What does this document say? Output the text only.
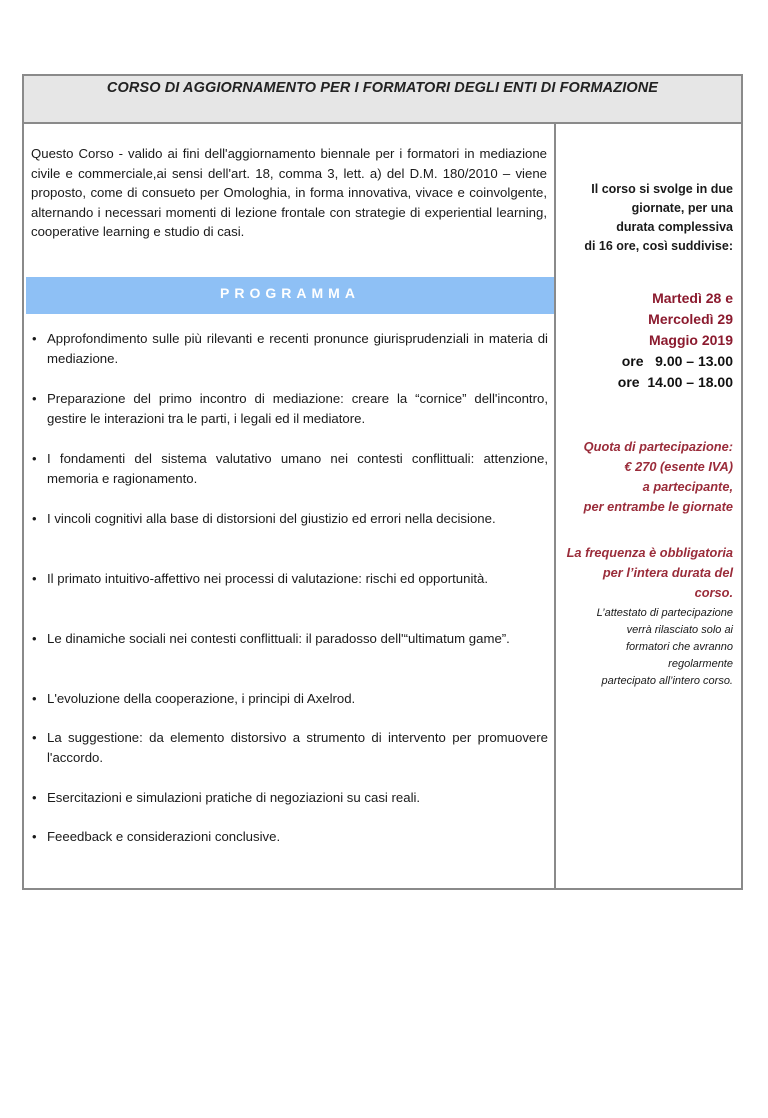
CORSO DI AGGIORNAMENTO PER I FORMATORI DEGLI ENTI DI FORMAZIONE

Questo Corso - valido ai fini dell'aggiornamento biennale per i formatori in mediazione civile e commerciale,ai sensi dell'art. 18, comma 3, lett. a) del D.M. 180/2010 – viene proposto, come di consueto per Omologhia, in forma innovativa, vivace e coinvolgente, alternando i necessari momenti di lezione frontale con strategie di experiential learning, cooperative learning e studio di casi.

PROGRAMMA
• Approfondimento sulle più rilevanti e recenti pronunce giurisprudenziali in materia di mediazione.
• Preparazione del primo incontro di mediazione: creare la “cornice” dell'incontro, gestire le interazioni tra le parti, i legali ed il mediatore.
• I fondamenti del sistema valutativo umano nei contesti conflittuali: attenzione, memoria e ragionamento.
• I vincoli cognitivi alla base di distorsioni del giustizio ed errori nella decisione.
• Il primato intuitivo-affettivo nei processi di valutazione: rischi ed opportunità.
• Le dinamiche sociali nei contesti conflittuali: il paradosso dell'“ultimatum game”.
• L'evoluzione della cooperazione, i principi di Axelrod.
• La suggestione: da elemento distorsivo a strumento di intervento per promuovere l'accordo.
• Esercitazioni e simulazioni pratiche di negoziazioni su casi reali.
• Feeedback e considerazioni conclusive.

Il corso si svolge in due
giornate, per una
durata complessiva
di 16 ore, così suddivise:

Martedì 28 e
Mercoledì 29
Maggio 2019

ore   9.00 – 13.00
ore  14.00 – 18.00

Quota di partecipazione:
€ 270 (esente IVA)
a partecipante,
per entrambe le giornate

La frequenza è obbligatoria
per l’intera durata del
corso.

L’attestato di partecipazione
verrà rilasciato solo ai
formatori che avranno
regolarmente
partecipato all’intero corso.
